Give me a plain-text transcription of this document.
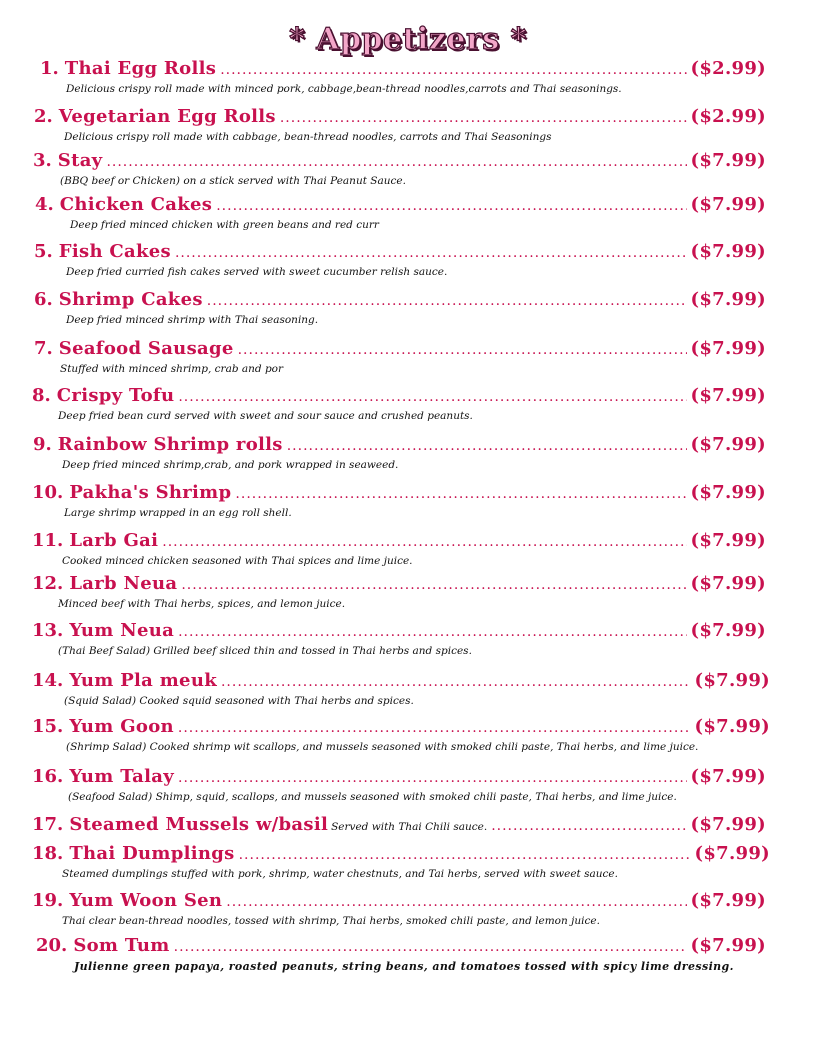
* Appetizers *
1. Thai Egg Rolls .....	($2.99)
Delicious crispy roll made with minced pork, cabbage,bean-thread noodles,carrots and Thai seasonings.
2. Vegetarian Egg Rolls .....	($2.99)
Delicious crispy roll made with cabbage, bean-thread noodles, carrots and Thai Seasonings
3. Stay .....	($7.99)
(BBQ beef or Chicken) on a stick served with Thai Peanut Sauce.
4. Chicken Cakes .....	($7.99)
Deep fried minced chicken with green beans and red curr
5. Fish Cakes .....	($7.99)
Deep fried curried fish cakes served with sweet cucumber relish sauce.
6. Shrimp Cakes .....	($7.99)
Deep fried minced shrimp with Thai seasoning.
7. Seafood Sausage .....	($7.99)
Stuffed with minced shrimp, crab and por
8. Crispy Tofu .....	($7.99)
Deep fried bean curd served with sweet and sour sauce and crushed peanuts.
9. Rainbow Shrimp rolls .....	($7.99)
Deep fried minced shrimp,crab, and pork wrapped in seaweed.
10. Pakha's Shrimp .....	($7.99)
Large shrimp wrapped in an egg roll shell.
11. Larb Gai .....	($7.99)
Cooked minced chicken seasoned with Thai spices and lime juice.
12. Larb Neua .....	($7.99)
Minced beef with Thai herbs, spices, and lemon juice.
13. Yum Neua .....	($7.99)
(Thai Beef Salad) Grilled beef sliced thin and tossed in Thai herbs and spices.
14. Yum Pla meuk .....	($7.99)
(Squid Salad) Cooked squid seasoned with Thai herbs and spices.
15. Yum Goon .....	($7.99)
(Shrimp Salad) Cooked shrimp wit scallops, and mussels seasoned with smoked chili paste, Thai herbs, and lime juice.
16. Yum Talay .....	($7.99)
(Seafood Salad) Shimp, squid, scallops, and mussels seasoned with smoked chili paste, Thai herbs, and lime juice.
17. Steamed Mussels w/basil Served with Thai Chili sauce. .....	($7.99)
18. Thai Dumplings .....	($7.99)
Steamed dumplings stuffed with pork, shrimp, water chestnuts, and Tai herbs, served with sweet sauce.
19. Yum Woon Sen .....	($7.99)
Thai clear bean-thread noodles, tossed with shrimp, Thai herbs, smoked chili paste, and lemon juice.
20. Som Tum .....	($7.99)
Julienne green papaya, roasted peanuts, string beans, and tomatoes tossed with spicy lime dressing.
